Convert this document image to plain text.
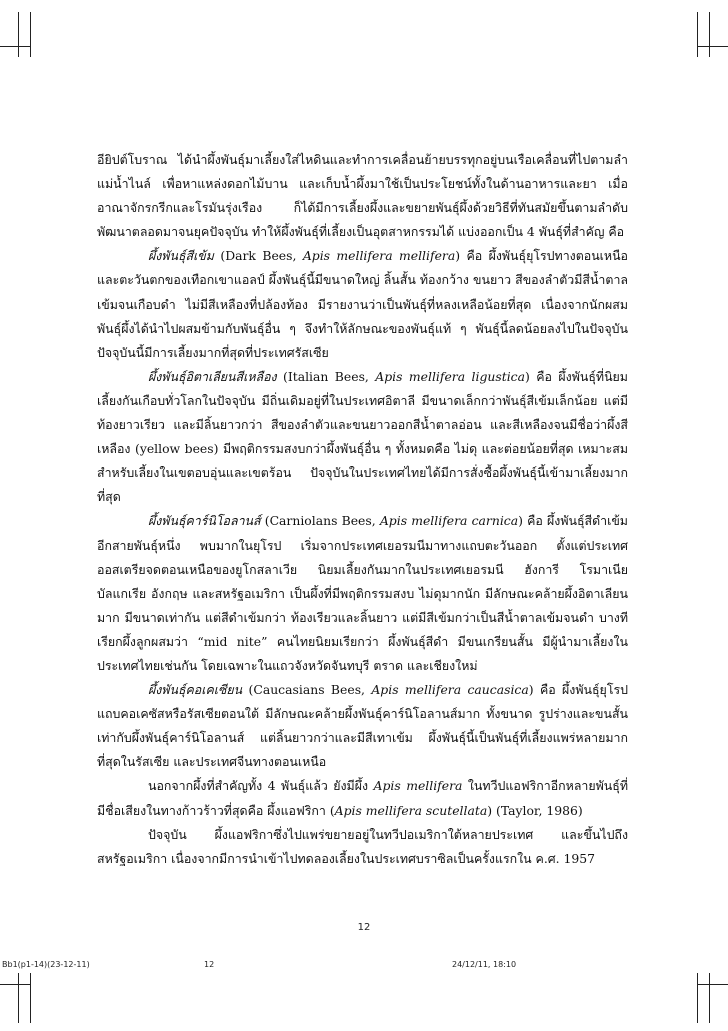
อียิปต์โบราณ ได้นำผึ้งพันธุ์มาเลี้ยงใส่ไหดินและทำการเคลื่อนย้ายบรรทุกอยู่บนเรือเคลื่อนที่ไปตามลำแม่น้ำไนล์ เพื่อหาแหล่งดอกไม้บาน และเก็บน้ำผึ้งมาใช้เป็นประโยชน์ทั้งในด้านอาหารและยา เมื่ออาณาจักรกรีกและโรมันรุ่งเรือง ก็ได้มีการเลี้ยงผึ้งและขยายพันธุ์ผึ้งด้วยวิธีที่ทันสมัยขึ้นตามลำดับ พัฒนาตลอดมาจนยุคปัจจุบัน ทำให้ผึ้งพันธุ์ที่เลี้ยงเป็นอุตสาหกรรมได้ แบ่งออกเป็น 4 พันธุ์ที่สำคัญ คือ

ผึ้งพันธุ์สีเข้ม (Dark Bees, Apis mellifera mellifera) คือ ผึ้งพันธุ์ยุโรปทางตอนเหนือและตะวันตกของเทือกเขาแอลป์ ผึ้งพันธุ์นี้มีขนาดใหญ่ ลิ้นสั้น ท้องกว้าง ขนยาว สีของลำตัวมีสีน้ำตาลเข้มจนเกือบดำ ไม่มีสีเหลืองที่ปล้องท้อง มีรายงานว่าเป็นพันธุ์ที่หลงเหลือน้อยที่สุด เนื่องจากนักผสมพันธุ์ผึ้งได้นำไปผสมข้ามกับพันธุ์อื่น ๆ จึงทำให้ลักษณะของพันธุ์แท้ ๆ พันธุ์นี้ลดน้อยลงไปในปัจจุบัน ปัจจุบันนี้มีการเลี้ยงมากที่สุดที่ประเทศรัสเซีย

ผึ้งพันธุ์อิตาเลียนสีเหลือง (Italian Bees, Apis mellifera ligustica) คือ ผึ้งพันธุ์ที่นิยมเลี้ยงกันเกือบทั่วโลกในปัจจุบัน มีถิ่นเดิมอยู่ที่ในประเทศอิตาลี มีขนาดเล็กกว่าพันธุ์สีเข้มเล็กน้อย แต่มีท้องยาวเรียว และมีลิ้นยาวกว่า สีของลำตัวและขนยาวออกสีน้ำตาลอ่อน และสีเหลืองจนมีชื่อว่าผึ้งสีเหลือง (yellow bees) มีพฤติกรรมสงบกว่าผึ้งพันธุ์อื่น ๆ ทั้งหมดคือ ไม่ดุ และต่อยน้อยที่สุด เหมาะสมสำหรับเลี้ยงในเขตอบอุ่นและเขตร้อน ปัจจุบันในประเทศไทยได้มีการสั่งซื้อผึ้งพันธุ์นี้เข้ามาเลี้ยงมากที่สุด

ผึ้งพันธุ์คาร์นิโอลานส์ (Carniolans Bees, Apis mellifera carnica) คือ ผึ้งพันธุ์สีดำเข้มอีกสายพันธุ์หนึ่ง พบมากในยุโรป เริ่มจากประเทศเยอรมนีมาทางแถบตะวันออก ตั้งแต่ประเทศออสเตรียจดตอนเหนือของยูโกสลาเวีย นิยมเลี้ยงกันมากในประเทศเยอรมนี ฮังการี โรมาเนีย บัลแกเรีย อังกฤษ และสหรัฐอเมริกา เป็นผึ้งที่มีพฤติกรรมสงบ ไม่ดุมากนัก มีลักษณะคล้ายผึ้งอิตาเลียนมาก มีขนาดเท่ากัน แต่สีดำเข้มกว่า ท้องเรียวและลิ้นยาว แต่มีสีเข้มกว่าเป็นสีน้ำตาลเข้มจนดำ บางทีเรียกผึ้งลูกผสมว่า “mid nite” คนไทยนิยมเรียกว่า ผึ้งพันธุ์สีดำ มีขนเกรียนสั้น มีผู้นำมาเลี้ยงในประเทศไทยเช่นกัน โดยเฉพาะในแถวจังหวัดจันทบุรี ตราด และเชียงใหม่

ผึ้งพันธุ์คอเคเซียน (Caucasians Bees, Apis mellifera caucasica) คือ ผึ้งพันธุ์ยุโรปแถบคอเคซัสหรือรัสเซียตอนใต้ มีลักษณะคล้ายผึ้งพันธุ์คาร์นิโอลานส์มาก ทั้งขนาด รูปร่างและขนสั้นเท่ากับผึ้งพันธุ์คาร์นิโอลานส์ แต่ลิ้นยาวกว่าและมีสีเทาเข้ม ผึ้งพันธุ์นี้เป็นพันธุ์ที่เลี้ยงแพร่หลายมากที่สุดในรัสเซีย และประเทศจีนทางตอนเหนือ

นอกจากผึ้งที่สำคัญทั้ง 4 พันธุ์แล้ว ยังมีผึ้ง Apis mellifera ในทวีปแอฟริกาอีกหลายพันธุ์ที่มีชื่อเสียงในทางก้าวร้าวที่สุดคือ ผึ้งแอฟริกา (Apis mellifera scutellata) (Taylor, 1986)

ปัจจุบัน ผึ้งแอฟริกาซึ่งไปแพร่ขยายอยู่ในทวีปอเมริกาใต้หลายประเทศ และขึ้นไปถึงสหรัฐอเมริกา เนื่องจากมีการนำเข้าไปทดลองเลี้ยงในประเทศบราซิลเป็นครั้งแรกใน ค.ศ. 1957

12
Bb1(p1-14)(23-12-11)	12	24/12/11, 18:10
